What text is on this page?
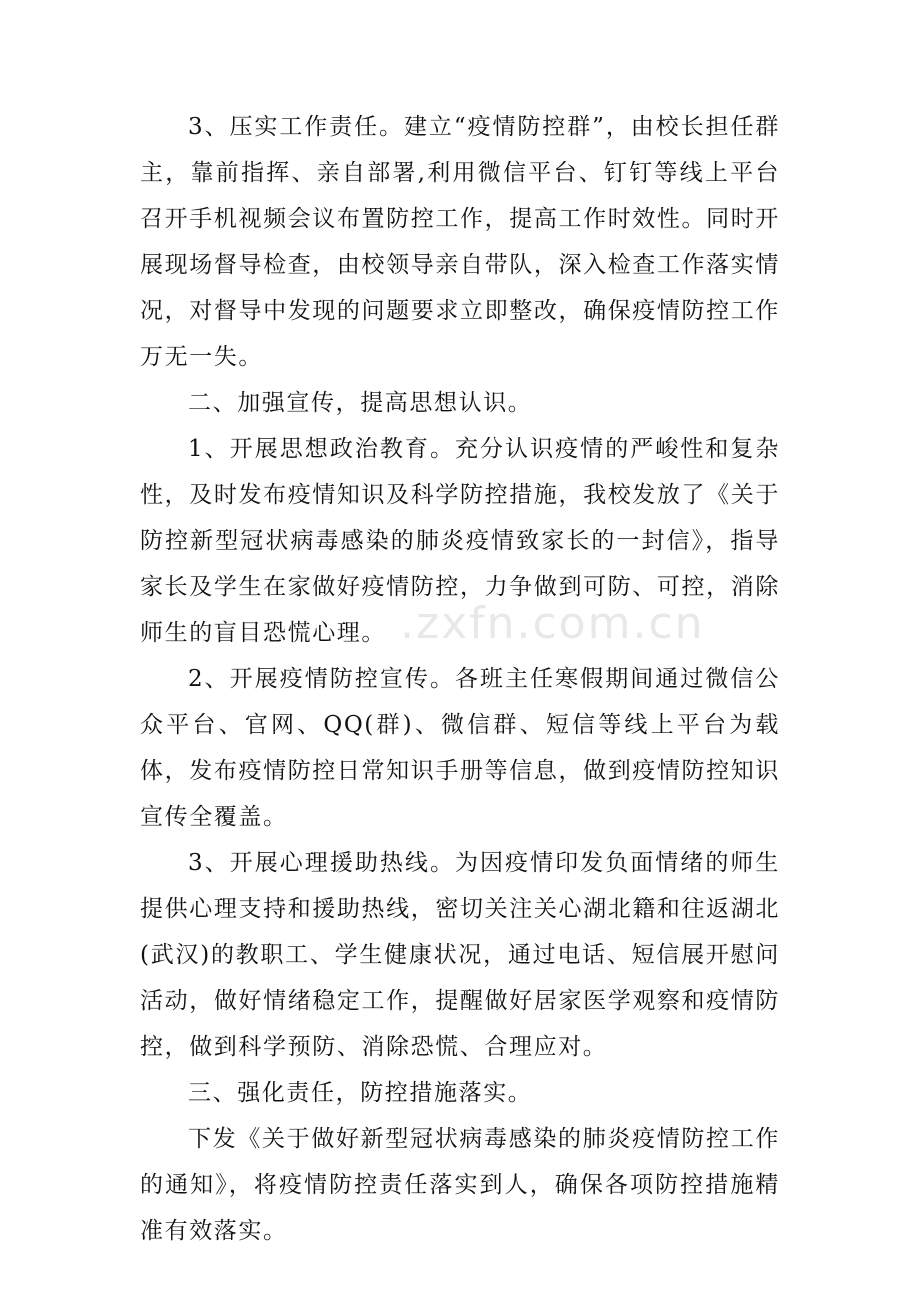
3、压实工作责任。建立“疫情防控群”，由校长担任群主，靠前指挥、亲自部署,利用微信平台、钉钉等线上平台召开手机视频会议布置防控工作，提高工作时效性。同时开展现场督导检查，由校领导亲自带队，深入检查工作落实情况，对督导中发现的问题要求立即整改，确保疫情防控工作万无一失。

二、加强宣传，提高思想认识。

1、开展思想政治教育。充分认识疫情的严峻性和复杂性，及时发布疫情知识及科学防控措施，我校发放了《关于防控新型冠状病毒感染的肺炎疫情致家长的一封信》，指导家长及学生在家做好疫情防控，力争做到可防、可控，消除师生的盲目恐慌心理。

2、开展疫情防控宣传。各班主任寒假期间通过微信公众平台、官网、QQ(群)、微信群、短信等线上平台为载体，发布疫情防控日常知识手册等信息，做到疫情防控知识宣传全覆盖。

3、开展心理援助热线。为因疫情印发负面情绪的师生提供心理支持和援助热线，密切关注关心湖北籍和往返湖北(武汉)的教职工、学生健康状况，通过电话、短信展开慰问活动，做好情绪稳定工作，提醒做好居家医学观察和疫情防控，做到科学预防、消除恐慌、合理应对。

三、强化责任，防控措施落实。

下发《关于做好新型冠状病毒感染的肺炎疫情防控工作的通知》，将疫情防控责任落实到人，确保各项防控措施精准有效落实。

.zxfn.com.cn
